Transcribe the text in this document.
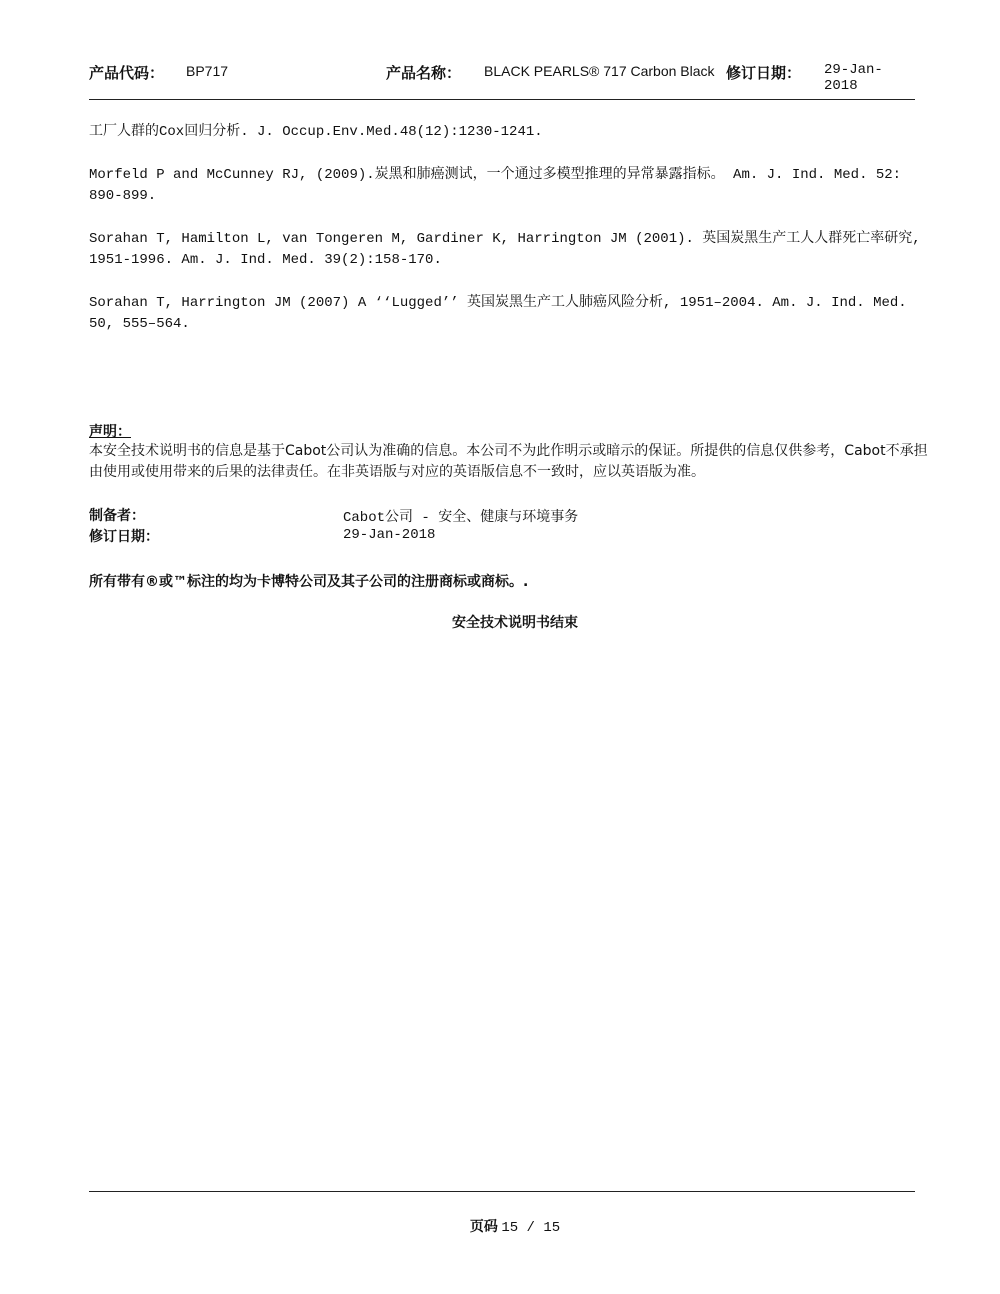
产品代码： BP717	产品名称： BLACK PEARLS® 717 Carbon Black 修订日期： 29-Jan-2018

工厂人群的Cox回归分析. J. Occup.Env.Med.48(12):1230-1241.

Morfeld P and McCunney RJ, (2009).炭黑和肺癌测试，一个通过多模型推理的异常暴露指标。 Am. J. Ind. Med. 52: 890-899.

Sorahan T, Hamilton L, van Tongeren M, Gardiner K, Harrington JM (2001). 英国炭黑生产工人人群死亡率研究, 1951-1996. Am. J. Ind. Med. 39(2):158-170.

Sorahan T, Harrington JM (2007) A ‘‘Lugged’’ 英国炭黑生产工人肺癌风险分析, 1951–2004. Am. J. Ind. Med. 50, 555–564.

声明：
本安全技术说明书的信息是基于Cabot公司认为准确的信息。本公司不为此作明示或暗示的保证。所提供的信息仅供参考，Cabot不承担由使用或使用带来的后果的法律责任。在非英语版与对应的英语版信息不一致时，应以英语版为准。
制备者：	Cabot公司 - 安全、健康与环境事务
修订日期：	29-Jan-2018
所有带有®或™标注的均为卡博特公司及其子公司的注册商标或商标。.
安全技术说明书结束
页码 15 / 15
